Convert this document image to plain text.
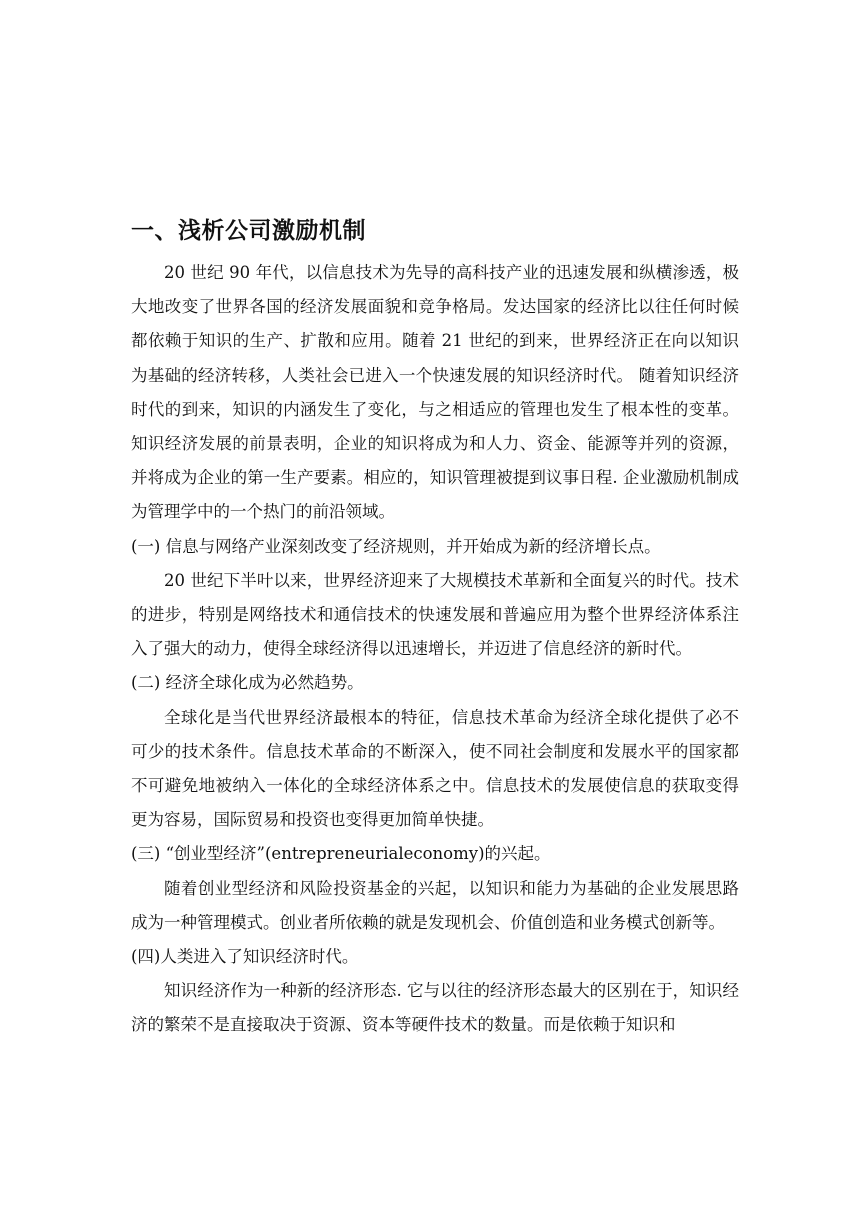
一、浅析公司激励机制

20 世纪 90 年代，以信息技术为先导的高科技产业的迅速发展和纵横渗透，极大地改变了世界各国的经济发展面貌和竞争格局。发达国家的经济比以往任何时候都依赖于知识的生产、扩散和应用。随着 21 世纪的到来，世界经济正在向以知识为基础的经济转移，人类社会已进入一个快速发展的知识经济时代。 随着知识经济时代的到来，知识的内涵发生了变化，与之相适应的管理也发生了根本性的变革。知识经济发展的前景表明，企业的知识将成为和人力、资金、能源等并列的资源，并将成为企业的第一生产要素。相应的，知识管理被提到议事日程. 企业激励机制成为管理学中的一个热门的前沿领域。

(一) 信息与网络产业深刻改变了经济规则，并开始成为新的经济增长点。

20 世纪下半叶以来，世界经济迎来了大规模技术革新和全面复兴的时代。技术的进步，特别是网络技术和通信技术的快速发展和普遍应用为整个世界经济体系注入了强大的动力，使得全球经济得以迅速增长，并迈进了信息经济的新时代。

(二) 经济全球化成为必然趋势。

全球化是当代世界经济最根本的特征，信息技术革命为经济全球化提供了必不可少的技术条件。信息技术革命的不断深入，使不同社会制度和发展水平的国家都不可避免地被纳入一体化的全球经济体系之中。信息技术的发展使信息的获取变得更为容易，国际贸易和投资也变得更加简单快捷。

(三) “创业型经济”(entrepreneurialeconomy)的兴起。

随着创业型经济和风险投资基金的兴起，以知识和能力为基础的企业发展思路成为一种管理模式。创业者所依赖的就是发现机会、价值创造和业务模式创新等。

(四)人类进入了知识经济时代。

知识经济作为一种新的经济形态. 它与以往的经济形态最大的区别在于，知识经济的繁荣不是直接取决于资源、资本等硬件技术的数量。而是依赖于知识和
